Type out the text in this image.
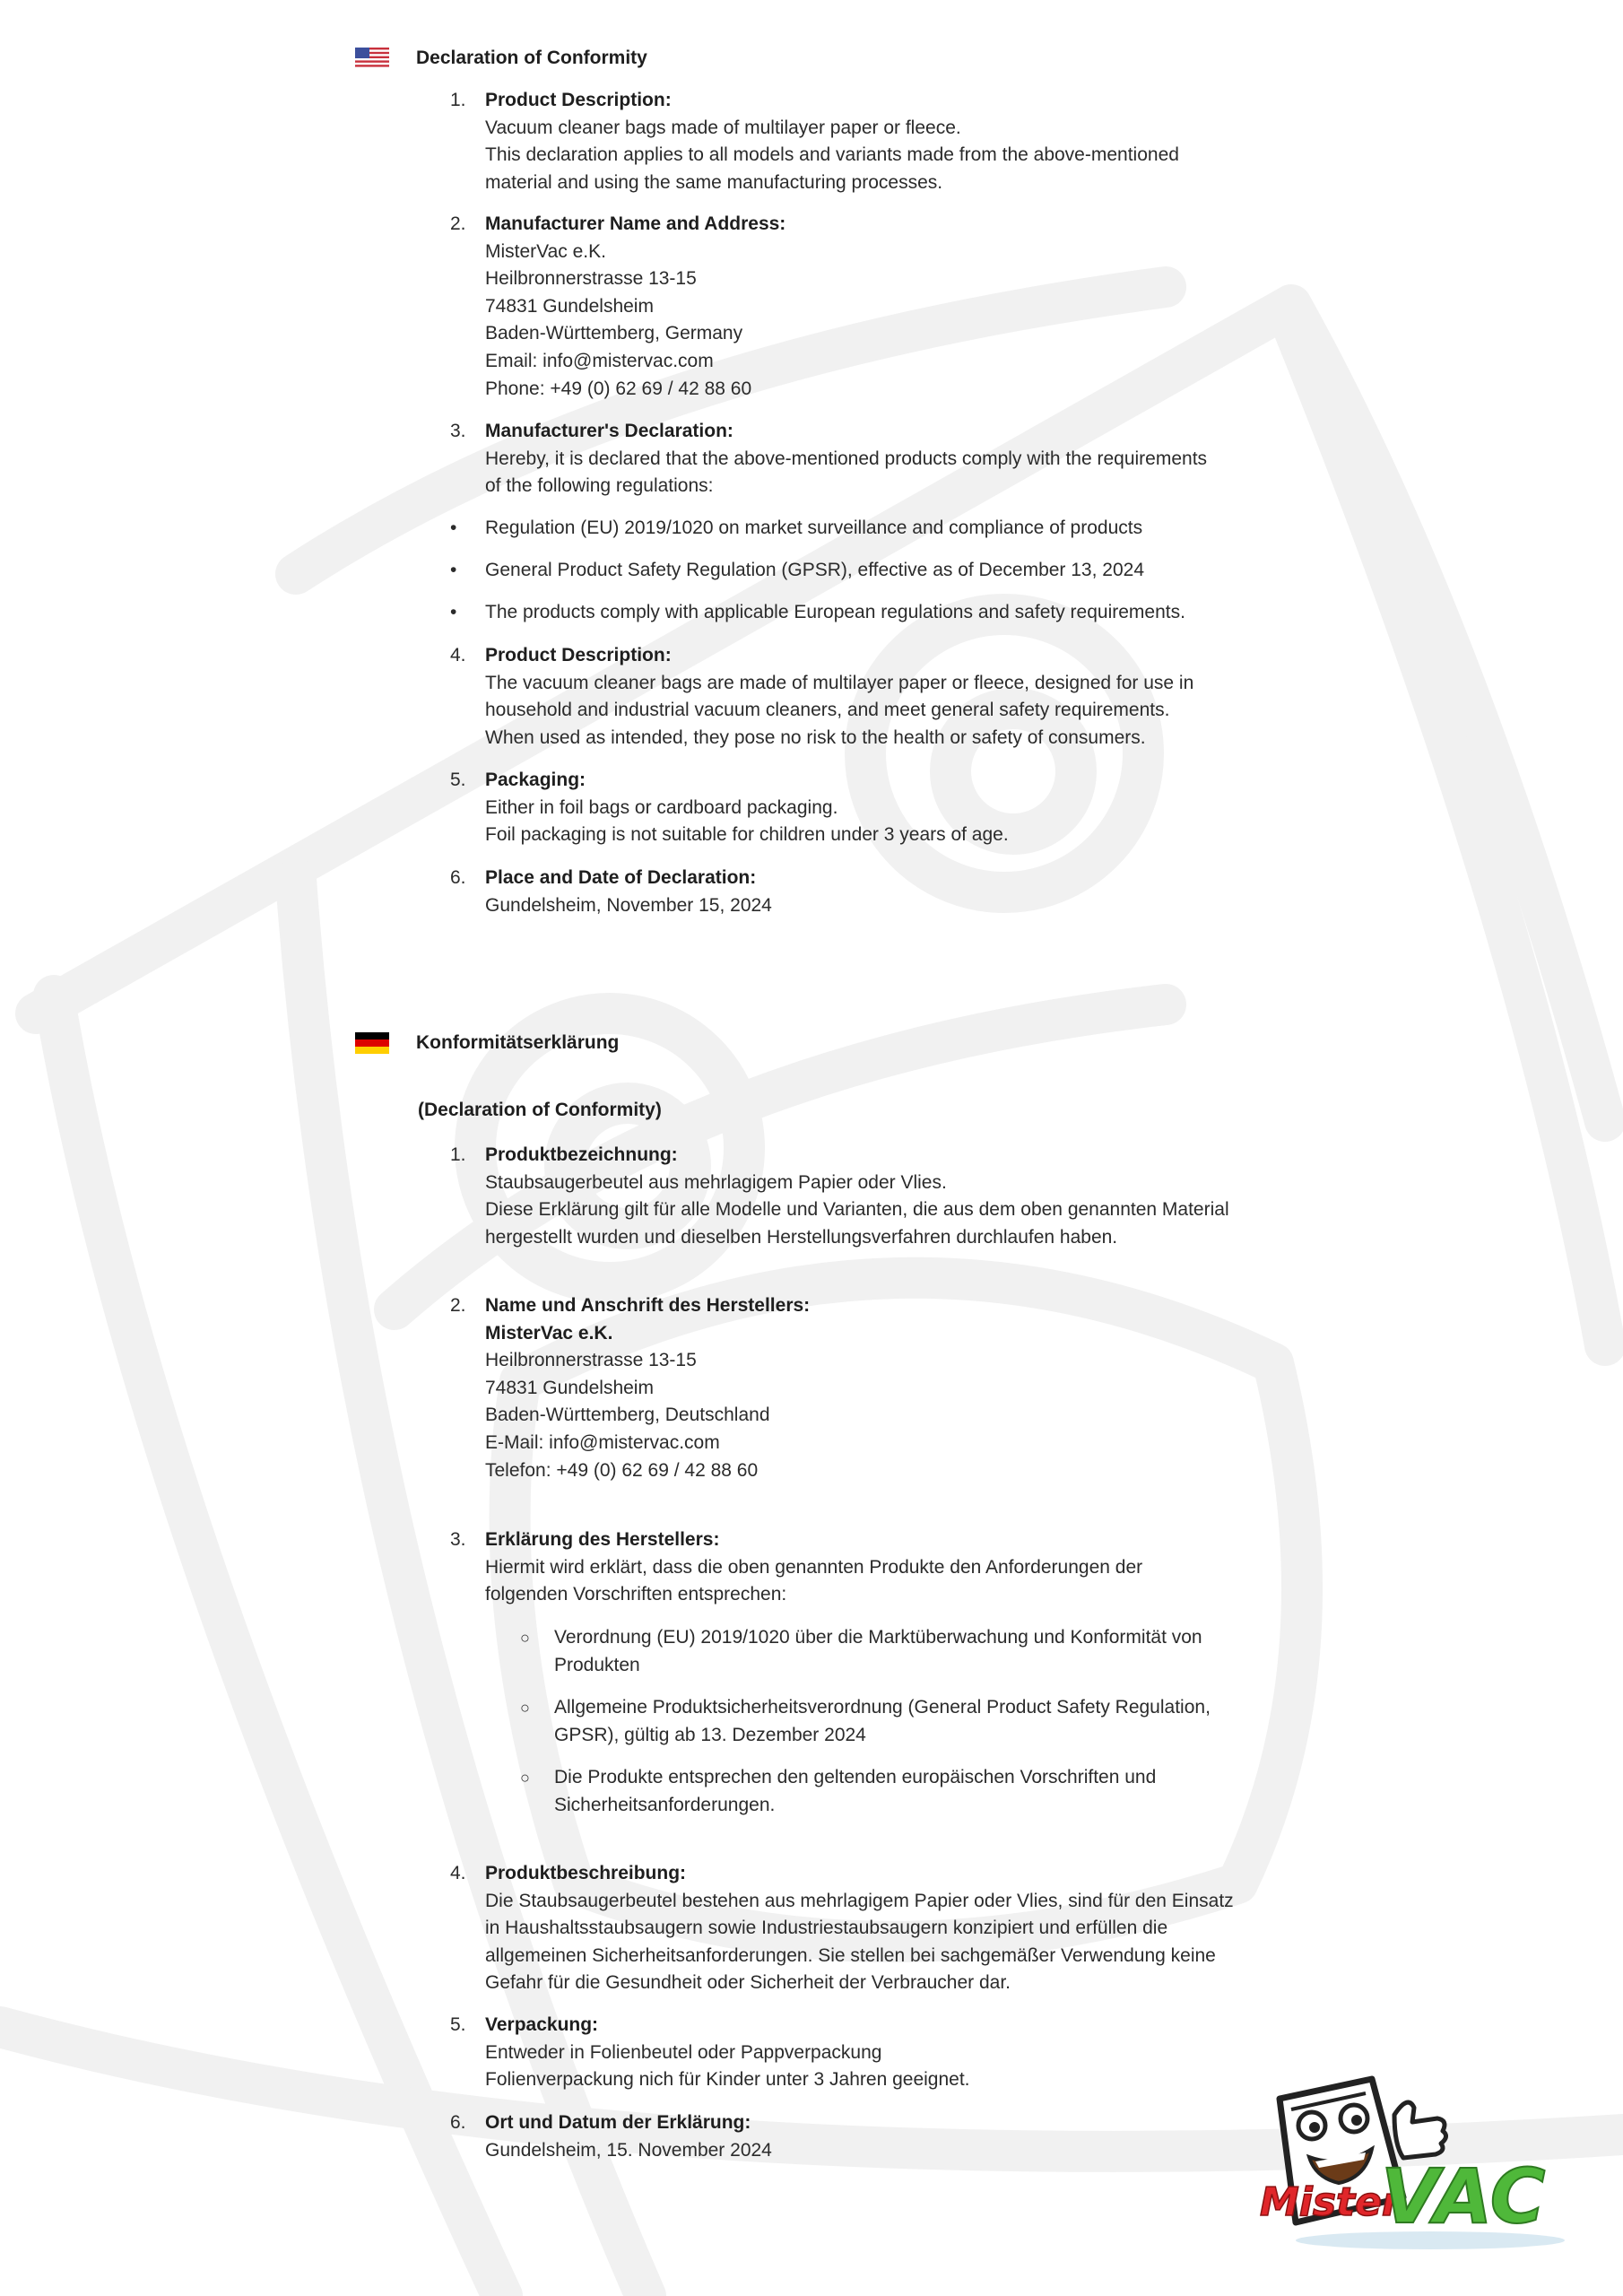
Declaration of Conformity
1. Product Description:
Vacuum cleaner bags made of multilayer paper or fleece.
This declaration applies to all models and variants made from the above-mentioned
material and using the same manufacturing processes.
2. Manufacturer Name and Address:
MisterVac e.K.
Heilbronnerstrasse 13-15
74831 Gundelsheim
Baden-Württemberg, Germany
Email: info@mistervac.com
Phone: +49 (0) 62 69 / 42 88 60
3. Manufacturer's Declaration:
Hereby, it is declared that the above-mentioned products comply with the requirements
of the following regulations:
• Regulation (EU) 2019/1020 on market surveillance and compliance of products
• General Product Safety Regulation (GPSR), effective as of December 13, 2024
• The products comply with applicable European regulations and safety requirements.
4. Product Description:
The vacuum cleaner bags are made of multilayer paper or fleece, designed for use in
household and industrial vacuum cleaners, and meet general safety requirements.
When used as intended, they pose no risk to the health or safety of consumers.
5. Packaging:
Either in foil bags or cardboard packaging.
Foil packaging is not suitable for children under 3 years of age.
6. Place and Date of Declaration:
Gundelsheim, November 15, 2024
Konformitätserklärung
(Declaration of Conformity)
1. Produktbezeichnung:
Staubsaugerbeutel aus mehrlagigem Papier oder Vlies.
Diese Erklärung gilt für alle Modelle und Varianten, die aus dem oben genannten Material
hergestellt wurden und dieselben Herstellungsverfahren durchlaufen haben.
2. Name und Anschrift des Herstellers:
MisterVac e.K.
Heilbronnerstrasse 13-15
74831 Gundelsheim
Baden-Württemberg, Deutschland
E-Mail: info@mistervac.com
Telefon: +49 (0) 62 69 / 42 88 60
3. Erklärung des Herstellers:
Hiermit wird erklärt, dass die oben genannten Produkte den Anforderungen der
folgenden Vorschriften entsprechen:
○ Verordnung (EU) 2019/1020 über die Marktüberwachung und Konformität von
Produkten
○ Allgemeine Produktsicherheitsverordnung (General Product Safety Regulation,
GPSR), gültig ab 13. Dezember 2024
○ Die Produkte entsprechen den geltenden europäischen Vorschriften und
Sicherheitsanforderungen.
4. Produktbeschreibung:
Die Staubsaugerbeutel bestehen aus mehrlagigem Papier oder Vlies, sind für den Einsatz
in Haushaltsstaubsaugern sowie Industriestaubsaugern konzipiert und erfüllen die
allgemeinen Sicherheitsanforderungen. Sie stellen bei sachgemäßer Verwendung keine
Gefahr für die Gesundheit oder Sicherheit der Verbraucher dar.
5. Verpackung:
Entweder in Folienbeutel oder Pappverpackung
Folienverpackung nich für Kinder unter 3 Jahren geeignet.
6. Ort und Datum der Erklärung:
Gundelsheim, 15. November 2024
Mister
VAC
